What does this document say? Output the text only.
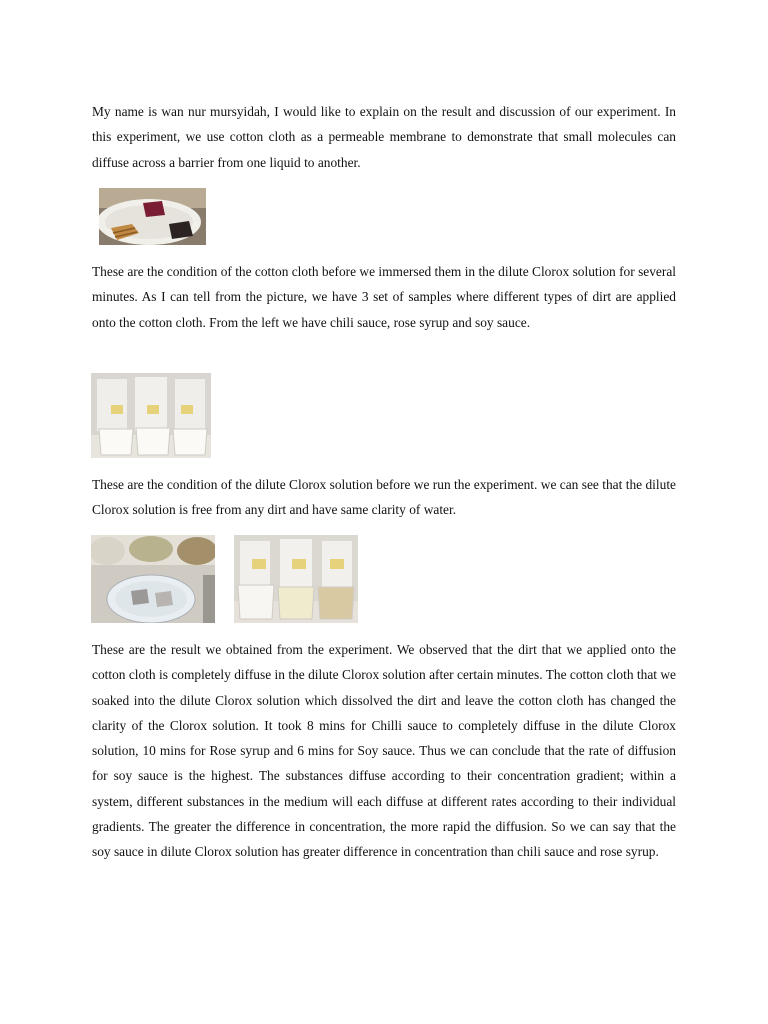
My name is wan nur mursyidah, I would like to explain on the result and discussion of our experiment. In this experiment, we use cotton cloth as a permeable membrane to demonstrate that small molecules can diffuse across a barrier from one liquid to another.

These are the condition of the cotton cloth before we immersed them in the dilute Clorox solution for several minutes. As I can tell from the picture, we have 3 set of samples where different types of dirt are applied onto the cotton cloth. From the left we have chili sauce, rose syrup and soy sauce.

These are the condition of the dilute Clorox solution before we run the experiment. we can see that the dilute Clorox solution is free from any dirt and have same clarity of water.

These are the result we obtained from the experiment. We observed that the dirt that we applied onto the cotton cloth is completely diffuse in the dilute Clorox solution after certain minutes. The cotton cloth that we soaked into the dilute Clorox solution which dissolved the dirt and leave the cotton cloth has changed the clarity of the Clorox solution. It took 8 mins for Chilli sauce to completely diffuse in the dilute Clorox solution, 10 mins for Rose syrup and 6 mins for Soy sauce. Thus we can conclude that the rate of diffusion for soy sauce is the highest. The substances diffuse according to their concentration gradient; within a system, different substances in the medium will each diffuse at different rates according to their individual gradients. The greater the difference in concentration, the more rapid the diffusion. So we can say that the soy sauce in dilute Clorox solution has greater difference in concentration than chili sauce and rose syrup.
